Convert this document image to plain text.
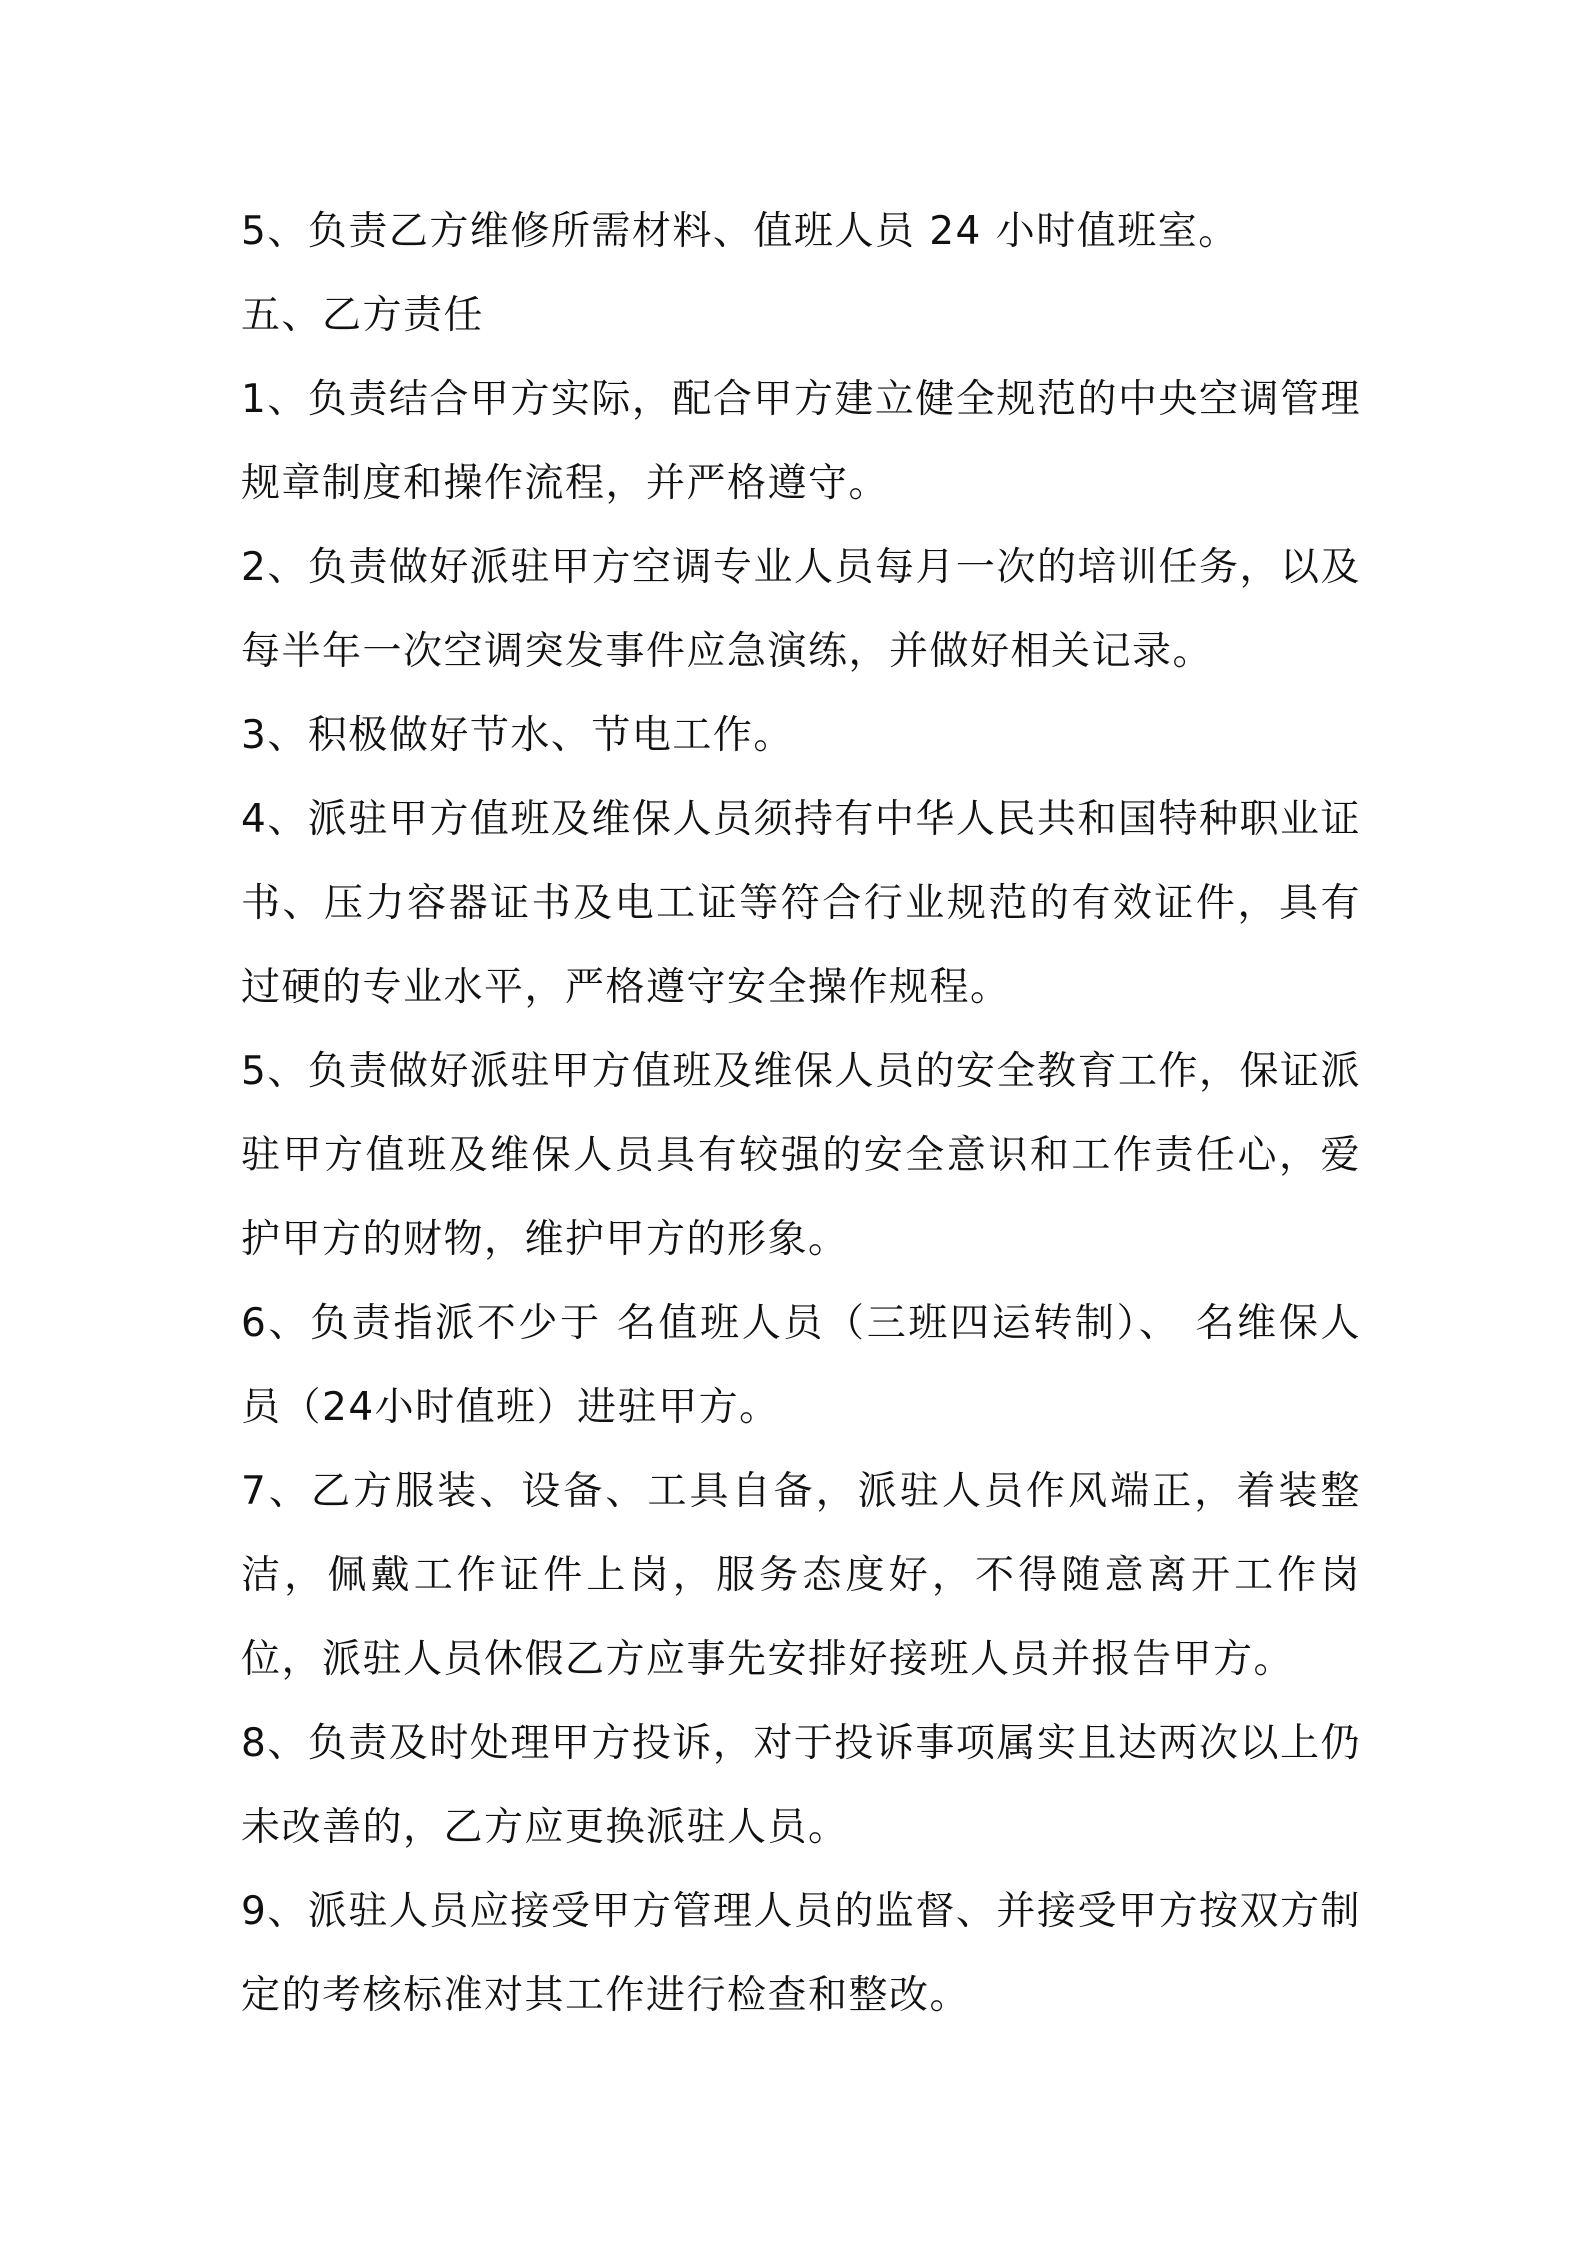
5、负责乙方维修所需材料、值班人员 24 小时值班室。

五、乙方责任

1、负责结合甲方实际，配合甲方建立健全规范的中央空调管理规章制度和操作流程，并严格遵守。

2、负责做好派驻甲方空调专业人员每月一次的培训任务，以及每半年一次空调突发事件应急演练，并做好相关记录。

3、积极做好节水、节电工作。

4、派驻甲方值班及维保人员须持有中华人民共和国特种职业证书、压力容器证书及电工证等符合行业规范的有效证件，具有过硬的专业水平，严格遵守安全操作规程。

5、负责做好派驻甲方值班及维保人员的安全教育工作，保证派驻甲方值班及维保人员具有较强的安全意识和工作责任心，爱护甲方的财物，维护甲方的形象。

6、负责指派不少于 名值班人员（三班四运转制）、 名维保人员（24小时值班）进驻甲方。

7、乙方服装、设备、工具自备，派驻人员作风端正，着装整洁，佩戴工作证件上岗，服务态度好，不得随意离开工作岗位，派驻人员休假乙方应事先安排好接班人员并报告甲方。

8、负责及时处理甲方投诉，对于投诉事项属实且达两次以上仍未改善的，乙方应更换派驻人员。

9、派驻人员应接受甲方管理人员的监督、并接受甲方按双方制定的考核标准对其工作进行检查和整改。
